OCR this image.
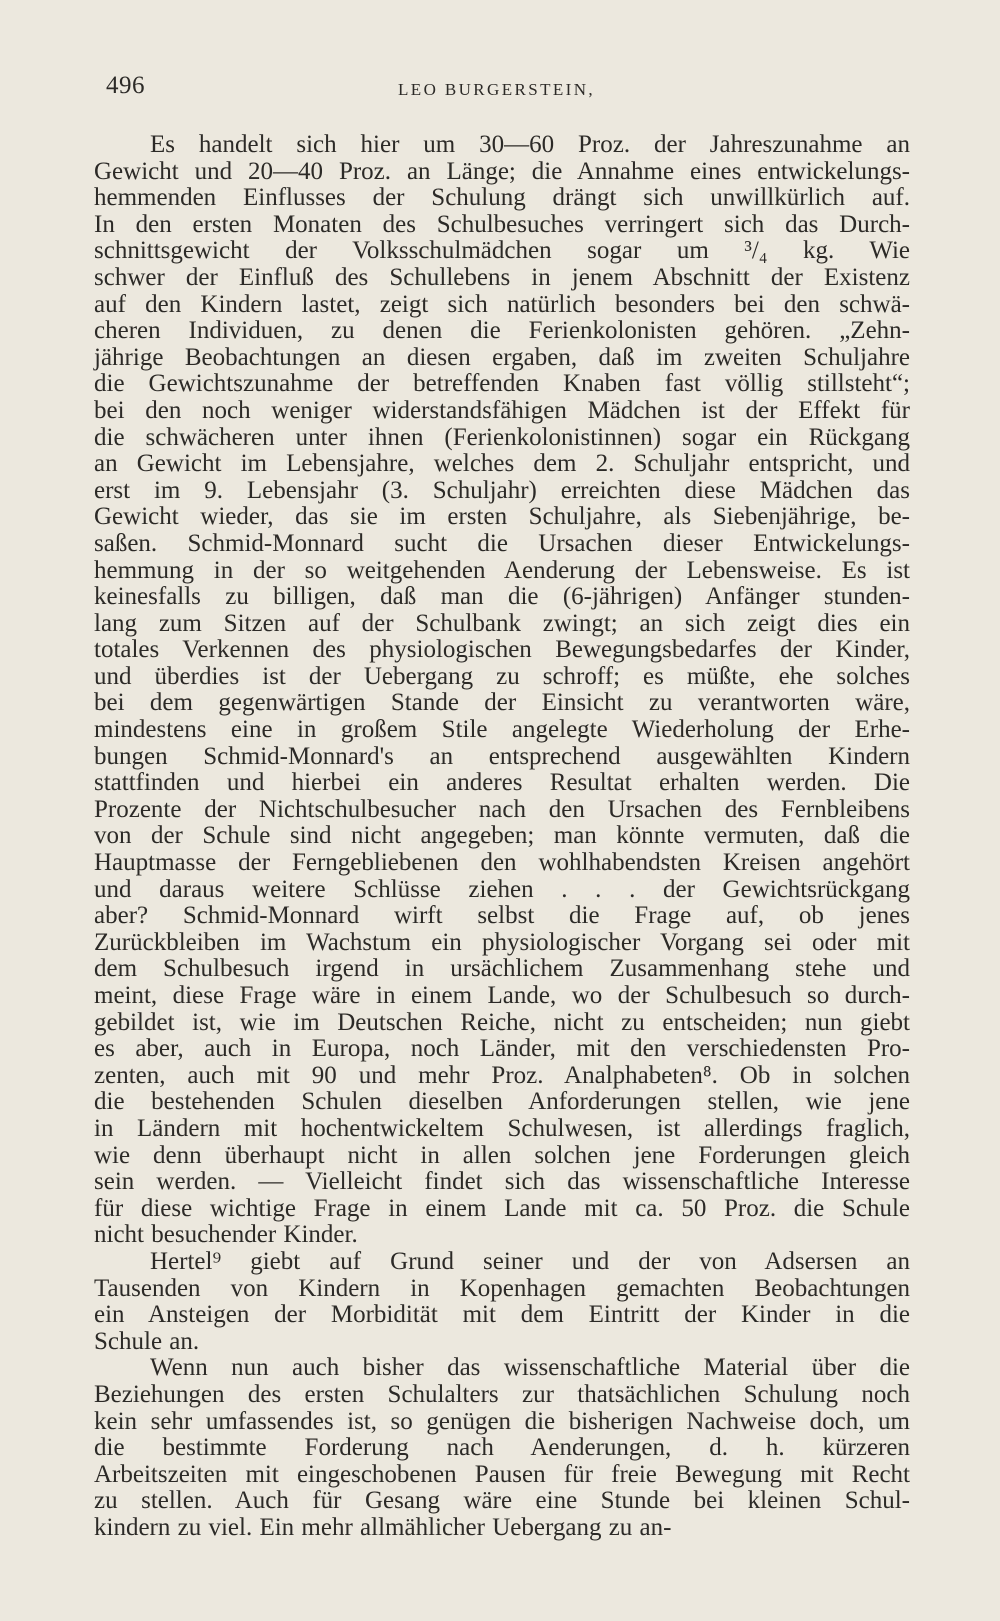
496	LEO BURGERSTEIN,
Es handelt sich hier um 30—60 Proz. der Jahreszunahme an
Gewicht und 20—40 Proz. an Länge; die Annahme eines entwickelungs-
hemmenden Einflusses der Schulung drängt sich unwillkürlich auf.
In den ersten Monaten des Schulbesuches verringert sich das Durch-
schnittsgewicht der Volksschulmädchen sogar um ³/₄ kg. Wie
schwer der Einfluß des Schullebens in jenem Abschnitt der Existenz
auf den Kindern lastet, zeigt sich natürlich besonders bei den schwä-
cheren Individuen, zu denen die Ferienkolonisten gehören. „Zehn-
jährige Beobachtungen an diesen ergaben, daß im zweiten Schuljahre
die Gewichtszunahme der betreffenden Knaben fast völlig stillsteht“;
bei den noch weniger widerstandsfähigen Mädchen ist der Effekt für
die schwächeren unter ihnen (Ferienkolonistinnen) sogar ein Rückgang
an Gewicht im Lebensjahre, welches dem 2. Schuljahr entspricht, und
erst im 9. Lebensjahr (3. Schuljahr) erreichten diese Mädchen das
Gewicht wieder, das sie im ersten Schuljahre, als Siebenjährige, be-
saßen. Schmid-Monnard sucht die Ursachen dieser Entwickelungs-
hemmung in der so weitgehenden Aenderung der Lebensweise. Es ist
keinesfalls zu billigen, daß man die (6-jährigen) Anfänger stunden-
lang zum Sitzen auf der Schulbank zwingt; an sich zeigt dies ein
totales Verkennen des physiologischen Bewegungsbedarfes der Kinder,
und überdies ist der Uebergang zu schroff; es müßte, ehe solches
bei dem gegenwärtigen Stande der Einsicht zu verantworten wäre,
mindestens eine in großem Stile angelegte Wiederholung der Erhe-
bungen Schmid-Monnard's an entsprechend ausgewählten Kindern
stattfinden und hierbei ein anderes Resultat erhalten werden. Die
Prozente der Nichtschulbesucher nach den Ursachen des Fernbleibens
von der Schule sind nicht angegeben; man könnte vermuten, daß die
Hauptmasse der Ferngebliebenen den wohlhabendsten Kreisen angehört
und daraus weitere Schlüsse ziehen . . . der Gewichtsrückgang
aber? Schmid-Monnard wirft selbst die Frage auf, ob jenes
Zurückbleiben im Wachstum ein physiologischer Vorgang sei oder mit
dem Schulbesuch irgend in ursächlichem Zusammenhang stehe und
meint, diese Frage wäre in einem Lande, wo der Schulbesuch so durch-
gebildet ist, wie im Deutschen Reiche, nicht zu entscheiden; nun giebt
es aber, auch in Europa, noch Länder, mit den verschiedensten Pro-
zenten, auch mit 90 und mehr Proz. Analphabeten⁸. Ob in solchen
die bestehenden Schulen dieselben Anforderungen stellen, wie jene
in Ländern mit hochentwickeltem Schulwesen, ist allerdings fraglich,
wie denn überhaupt nicht in allen solchen jene Forderungen gleich
sein werden. — Vielleicht findet sich das wissenschaftliche Interesse
für diese wichtige Frage in einem Lande mit ca. 50 Proz. die Schule
nicht besuchender Kinder.
Hertel⁹ giebt auf Grund seiner und der von Adsersen an
Tausenden von Kindern in Kopenhagen gemachten Beobachtungen
ein Ansteigen der Morbidität mit dem Eintritt der Kinder in die
Schule an.
Wenn nun auch bisher das wissenschaftliche Material über die
Beziehungen des ersten Schulalters zur thatsächlichen Schulung noch
kein sehr umfassendes ist, so genügen die bisherigen Nachweise doch, um
die bestimmte Forderung nach Aenderungen, d. h. kürzeren
Arbeitszeiten mit eingeschobenen Pausen für freie Bewegung mit Recht
zu stellen. Auch für Gesang wäre eine Stunde bei kleinen Schul-
kindern zu viel. Ein mehr allmählicher Uebergang zu an-
